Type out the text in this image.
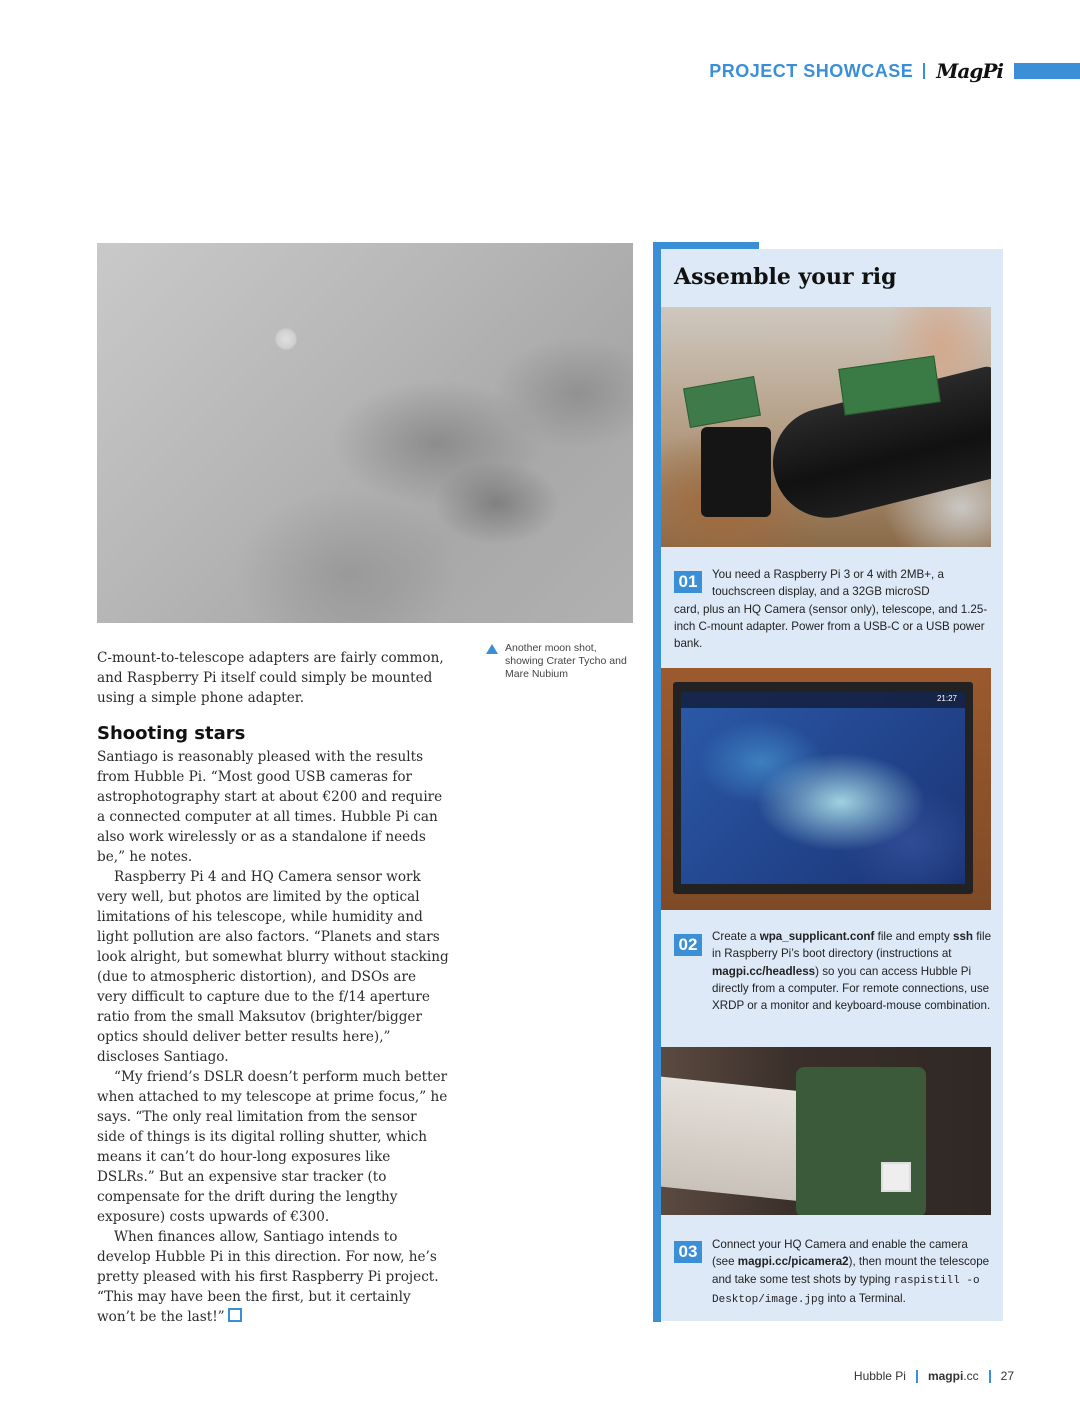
PROJECT SHOWCASE MagPi
Another moon shot, showing Crater Tycho and Mare Nubium

C-mount-to-telescope adapters are fairly common, and Raspberry Pi itself could simply be mounted using a simple phone adapter.

Shooting stars

Santiago is reasonably pleased with the results from Hubble Pi. “Most good USB cameras for astrophotography start at about €200 and require a connected computer at all times. Hubble Pi can also work wirelessly or as a standalone if needs be,” he notes.

Raspberry Pi 4 and HQ Camera sensor work very well, but photos are limited by the optical limitations of his telescope, while humidity and light pollution are also factors. “Planets and stars look alright, but somewhat blurry without stacking (due to atmospheric distortion), and DSOs are very difficult to capture due to the f/14 aperture ratio from the small Maksutov (brighter/bigger optics should deliver better results here),” discloses Santiago.

“My friend’s DSLR doesn’t perform much better when attached to my telescope at prime focus,” he says. “The only real limitation from the sensor side of things is its digital rolling shutter, which means it can’t do hour-long exposures like DSLRs.” But an expensive star tracker (to compensate for the drift during the lengthy exposure) costs upwards of €300.

When finances allow, Santiago intends to develop Hubble Pi in this direction. For now, he’s pretty pleased with his first Raspberry Pi project. “This may have been the first, but it certainly won’t be the last!”

Assemble your rig
01	You need a Raspberry Pi 3 or 4 with 2MB+, a
touchscreen display, and a 32GB microSD
card, plus an HQ Camera (sensor only), telescope, and 1.25-inch C-mount adapter. Power from a USB-C or a USB power bank.
21:27
02	Create a wpa_supplicant.conf file and empty ssh file in Raspberry Pi’s boot directory (instructions at magpi.cc/headless) so you can access Hubble Pi directly from a computer. For remote connections, use XRDP or a monitor and keyboard-mouse combination.
03	Connect your HQ Camera and enable the camera (see magpi.cc/picamera2), then mount the telescope and take some test shots by typing raspistill -o Desktop/image.jpg into a Terminal.
Hubble Pi magpi.cc 27
